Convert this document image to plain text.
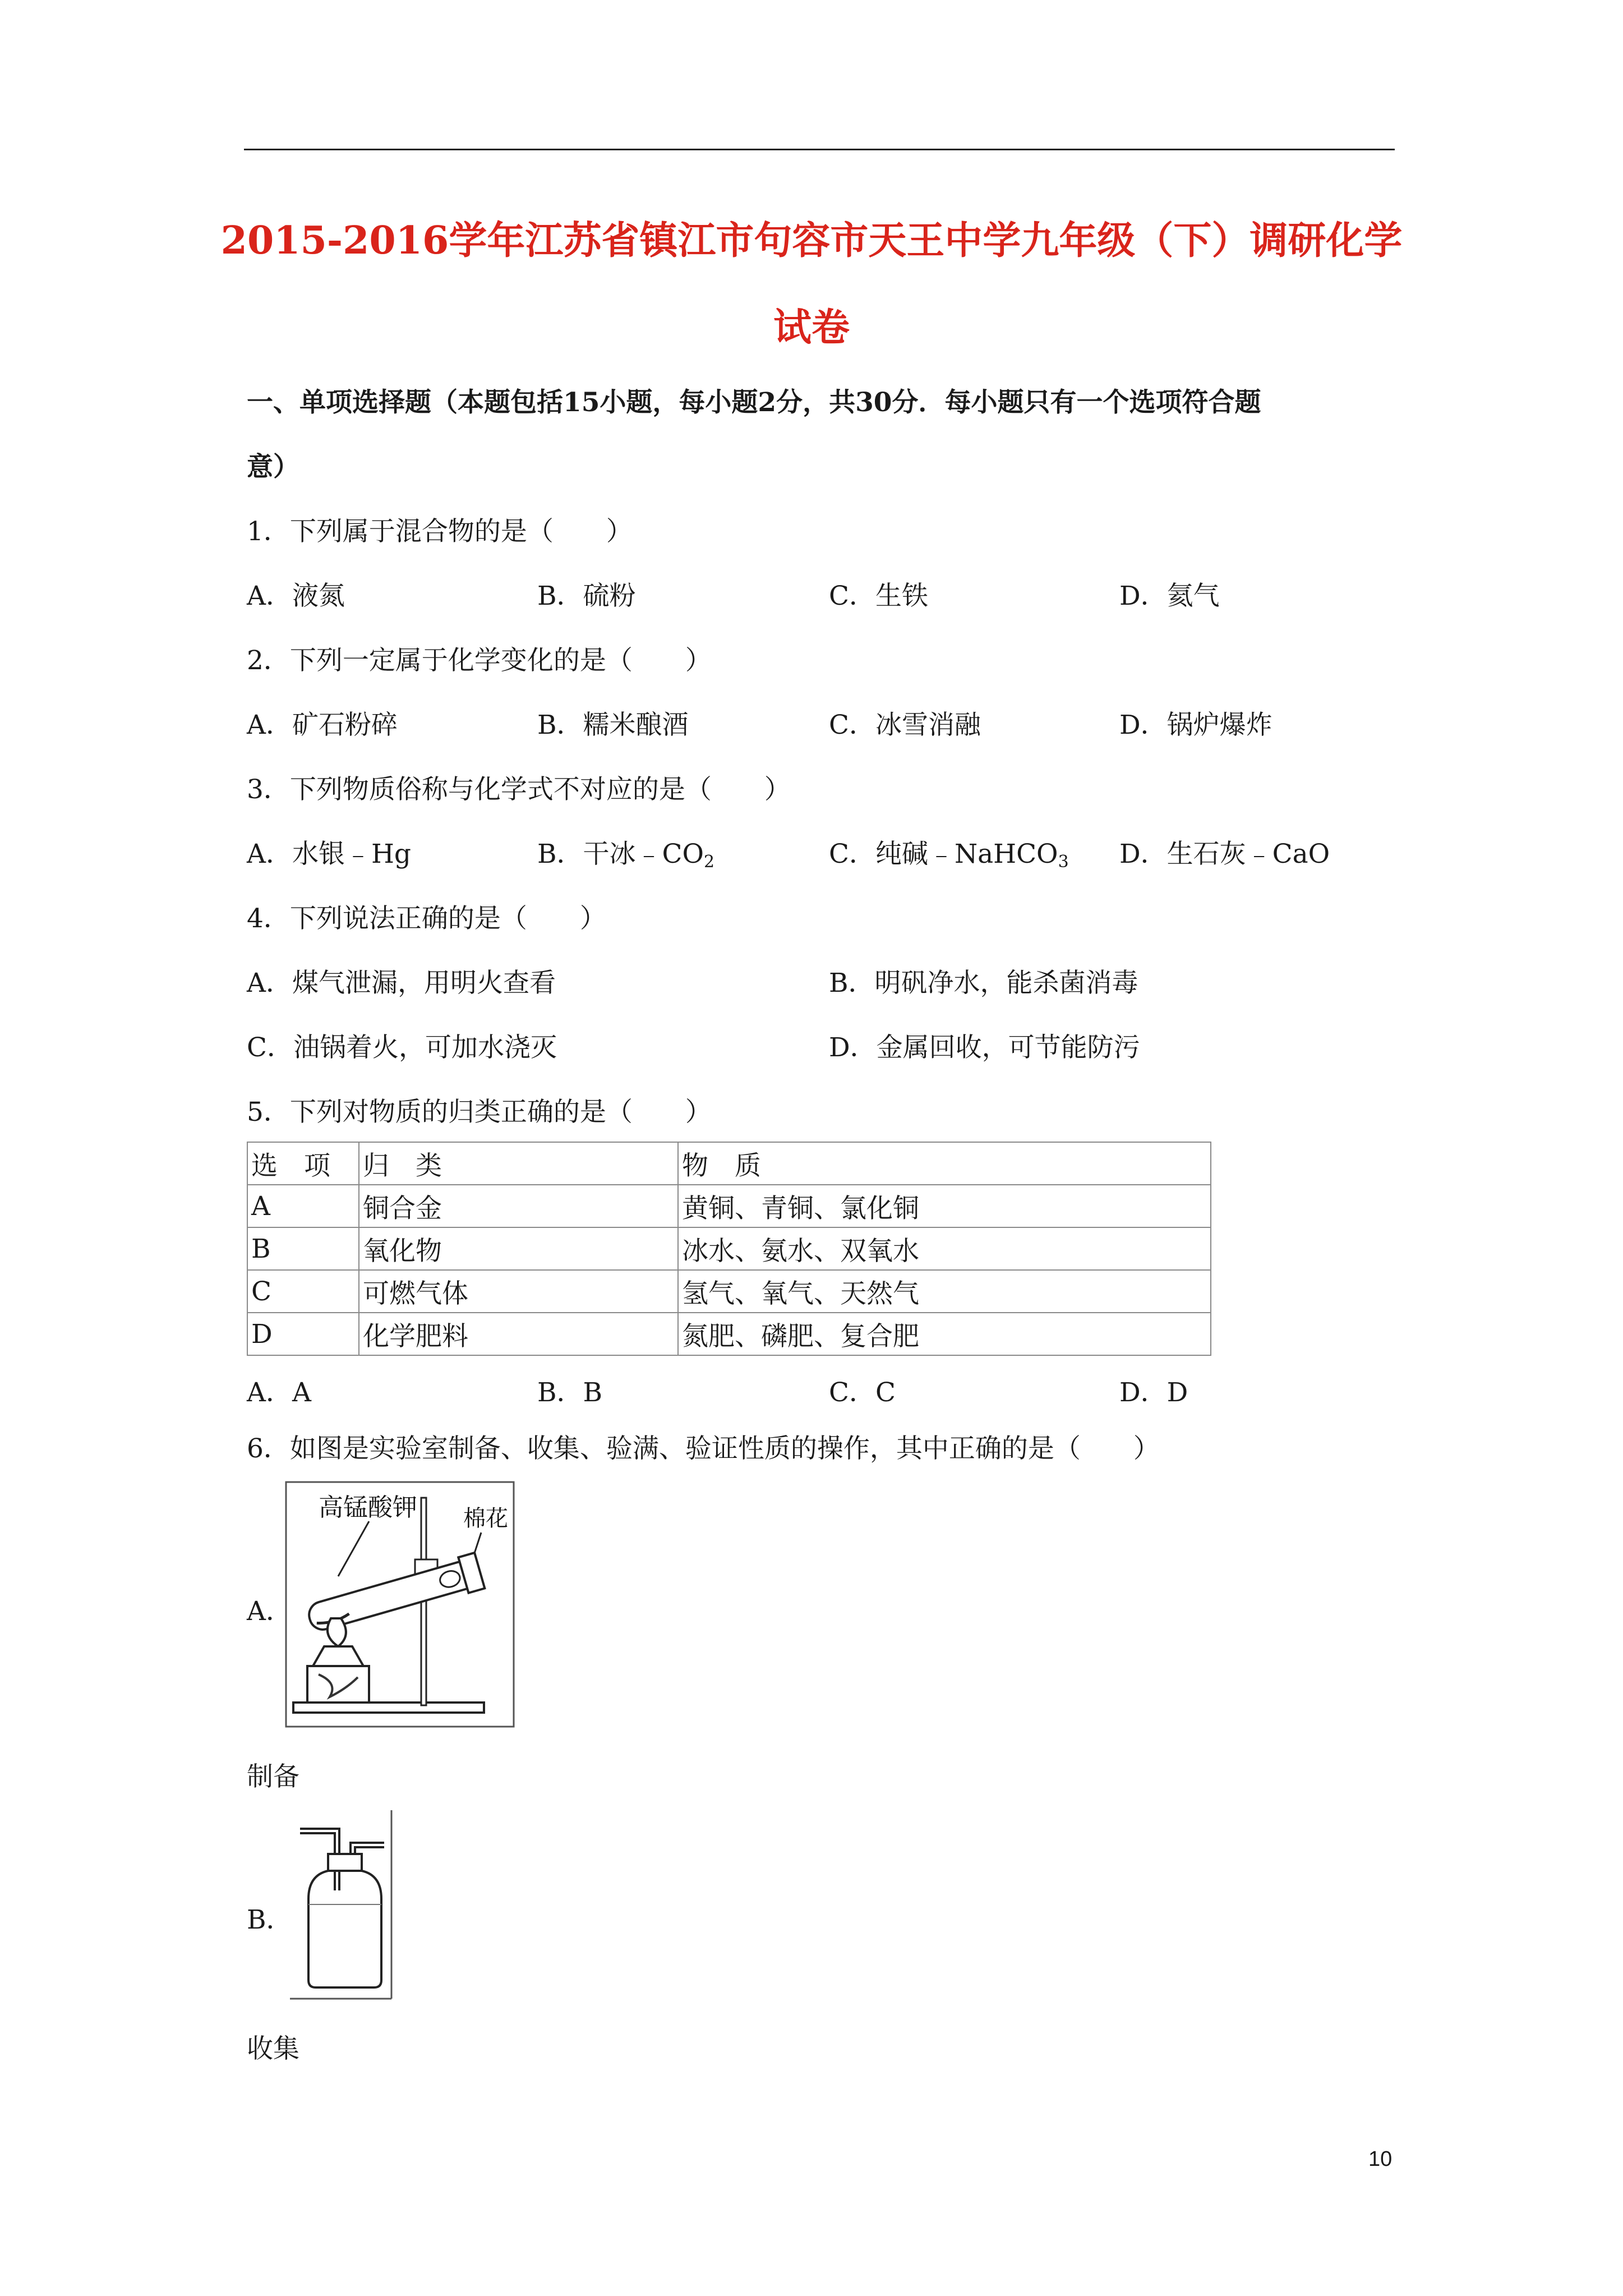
2015-2016学年江苏省镇江市句容市天王中学九年级（下）调研化学
试卷
一、单项选择题（本题包括15小题，每小题2分，共30分．每小题只有一个选项符合题
意）
1．下列属于混合物的是（　　）
A．液氮	B．硫粉	C．生铁	D．氦气
2．下列一定属于化学变化的是（　　）
A．矿石粉碎	B．糯米酿酒	C．冰雪消融	D．锅炉爆炸
3．下列物质俗称与化学式不对应的是（　　）
A．水银﹣Hg	B．干冰$﹣CO_2$	C．纯碱﹣NaHCO$_3$ D．生石灰﹣CaO
4．下列说法正确的是（　　）
A．煤气泄漏，用明火查看	B．明矾净水，能杀菌消毒
C．油锅着火，可加水浇灭	D．金属回收，可节能防污
5．下列对物质的归类正确的是（　　）
选　项	归　类	物　质
A	铜合金	黄铜、青铜、氯化铜
B	氧化物	冰水、氨水、双氧水
C	可燃气体	氢气、氧气、天然气
D	化学肥料	氮肥、磷肥、复合肥
A．A	B．B	C．C	D．D
6．如图是实验室制备、收集、验满、验证性质的操作，其中正确的是（　　）
A．
高锰酸钾 棉花
制备
B．
收集
10
